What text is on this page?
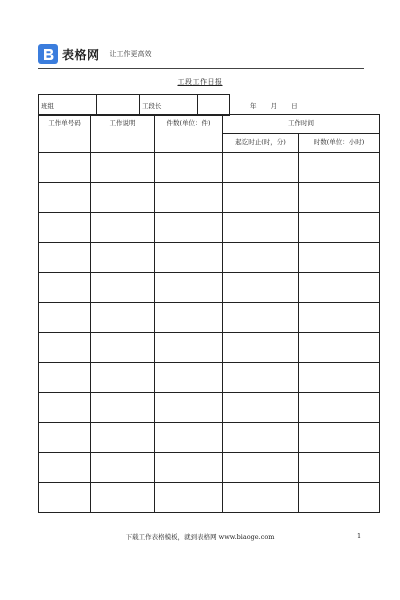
表格网 让工作更高效
工段工作日报
班组		工段长		年 月 日
工作单号码	工作说明	件数(单位：件)	工作时间	
			起讫时止(时，分)	时数(单位：小时)

下载工作表格模板，就到表格网 www.biaoge.com	1
